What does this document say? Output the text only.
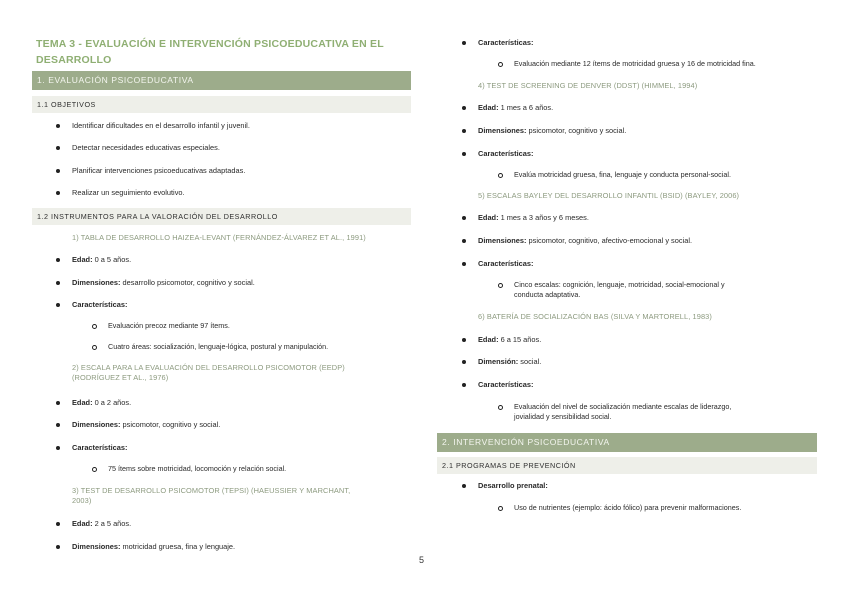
TEMA 3 - EVALUACIÓN E INTERVENCIÓN PSICOEDUCATIVA EN EL DESARROLLO
1. EVALUACIÓN PSICOEDUCATIVA
1.1 OBJETIVOS
Identificar dificultades en el desarrollo infantil y juvenil.
Detectar necesidades educativas especiales.
Planificar intervenciones psicoeducativas adaptadas.
Realizar un seguimiento evolutivo.
1.2 INSTRUMENTOS PARA LA VALORACIÓN DEL DESARROLLO
1) TABLA DE DESARROLLO HAIZEA-LEVANT (FERNÁNDEZ-ÁLVAREZ ET AL., 1991)
Edad: 0 a 5 años.
Dimensiones: desarrollo psicomotor, cognitivo y social.
Características:
Evaluación precoz mediante 97 ítems.
Cuatro áreas: socialización, lenguaje-lógica, postural y manipulación.
2) ESCALA PARA LA EVALUACIÓN DEL DESARROLLO PSICOMOTOR (EEDP)
(RODRÍGUEZ ET AL., 1976)
Edad: 0 a 2 años.
Dimensiones: psicomotor, cognitivo y social.
Características:
75 ítems sobre motricidad, locomoción y relación social.
3) TEST DE DESARROLLO PSICOMOTOR (TEPSI) (HAEUSSIER Y MARCHANT,
2003)
Edad: 2 a 5 años.
Dimensiones: motricidad gruesa, fina y lenguaje.
Características:
Evaluación mediante 12 ítems de motricidad gruesa y 16 de motricidad fina.
4) TEST DE SCREENING DE DENVER (DDST) (HIMMEL, 1994)
Edad: 1 mes a 6 años.
Dimensiones: psicomotor, cognitivo y social.
Características:
Evalúa motricidad gruesa, fina, lenguaje y conducta personal-social.
5) ESCALAS BAYLEY DEL DESARROLLO INFANTIL (BSID) (BAYLEY, 2006)
Edad: 1 mes a 3 años y 6 meses.
Dimensiones: psicomotor, cognitivo, afectivo-emocional y social.
Características:
Cinco escalas: cognición, lenguaje, motricidad, social-emocional y
conducta adaptativa.
6) BATERÍA DE SOCIALIZACIÓN BAS (SILVA Y MARTORELL, 1983)
Edad: 6 a 15 años.
Dimensión: social.
Características:
Evaluación del nivel de socialización mediante escalas de liderazgo,
jovialidad y sensibilidad social.
2. INTERVENCIÓN PSICOEDUCATIVA
2.1 PROGRAMAS DE PREVENCIÓN
Desarrollo prenatal:
Uso de nutrientes (ejemplo: ácido fólico) para prevenir malformaciones.
5
